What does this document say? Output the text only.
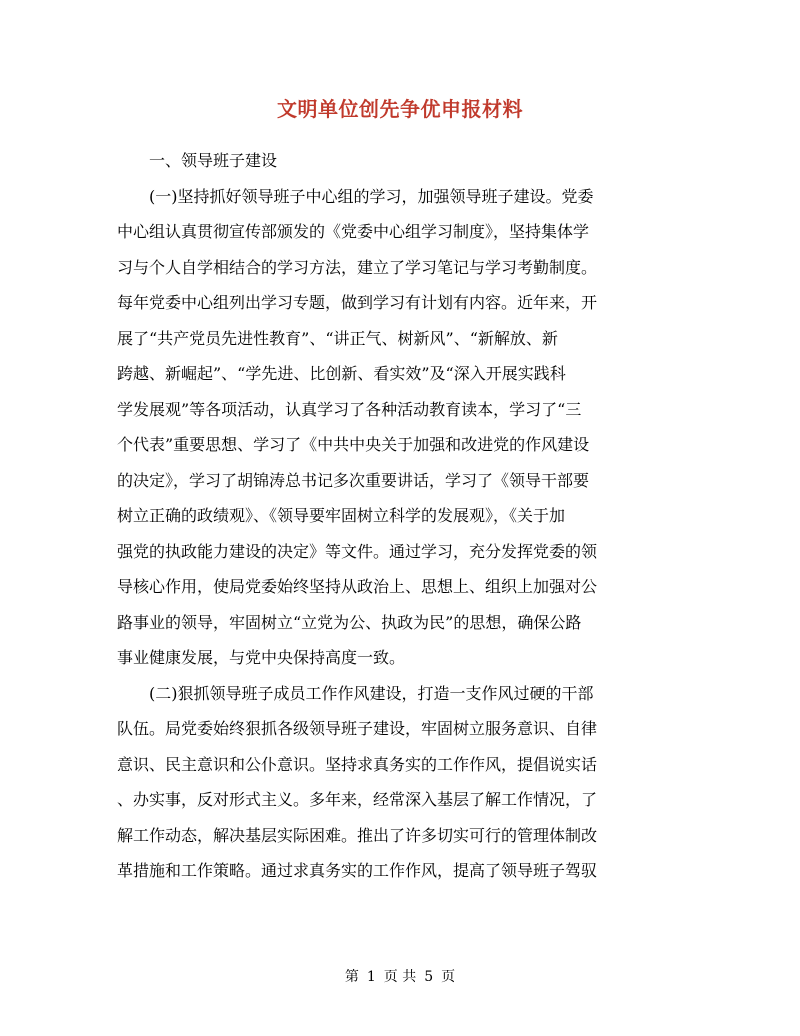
文明单位创先争优申报材料
一、领导班子建设
(一)坚持抓好领导班子中心组的学习，加强领导班子建设。党委
中心组认真贯彻宣传部颁发的《党委中心组学习制度》，坚持集体学
习与个人自学相结合的学习方法，建立了学习笔记与学习考勤制度。
每年党委中心组列出学习专题，做到学习有计划有内容。近年来，开
展了“共产党员先进性教育”、“讲正气、树新风”、“新解放、新
跨越、新崛起”、“学先进、比创新、看实效”及“深入开展实践科
学发展观”等各项活动，认真学习了各种活动教育读本，学习了“三
个代表”重要思想、学习了《中共中央关于加强和改进党的作风建设
的决定》，学习了胡锦涛总书记多次重要讲话，学习了《领导干部要
树立正确的政绩观》、《领导要牢固树立科学的发展观》，《关于加
强党的执政能力建设的决定》等文件。通过学习，充分发挥党委的领
导核心作用，使局党委始终坚持从政治上、思想上、组织上加强对公
路事业的领导，牢固树立“立党为公、执政为民”的思想，确保公路
事业健康发展，与党中央保持高度一致。
(二)狠抓领导班子成员工作作风建设，打造一支作风过硬的干部
队伍。局党委始终狠抓各级领导班子建设，牢固树立服务意识、自律
意识、民主意识和公仆意识。坚持求真务实的工作作风，提倡说实话
、办实事，反对形式主义。多年来，经常深入基层了解工作情况，了
解工作动态，解决基层实际困难。推出了许多切实可行的管理体制改
革措施和工作策略。通过求真务实的工作作风，提高了领导班子驾驭
第 1 页 共 5 页
